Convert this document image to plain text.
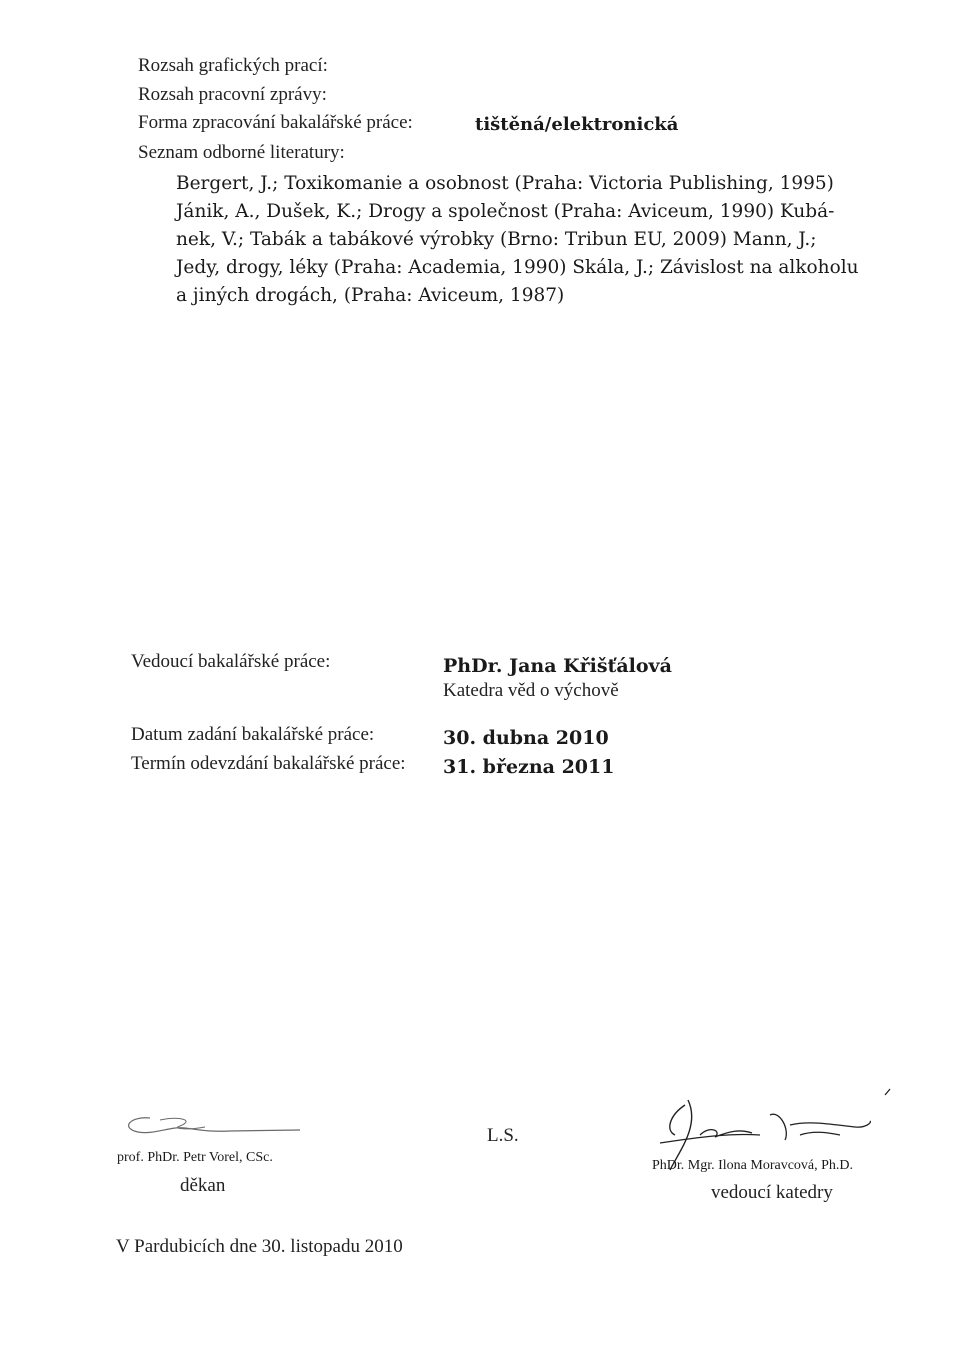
Rozsah grafických prací:
Rozsah pracovní zprávy:
Forma zpracování bakalářské práce:	tištěná/elektronická
Seznam odborné literatury:
Bergert, J.; Toxikomanie a osobnost (Praha: Victoria Publishing, 1995)
Jánik, A., Dušek, K.; Drogy a společnost (Praha: Aviceum, 1990) Kubá-
nek, V.; Tabák a tabákové výrobky (Brno: Tribun EU, 2009) Mann, J.;
Jedy, drogy, léky (Praha: Academia, 1990) Skála, J.; Závislost na alkoholu
a jiných drogách, (Praha: Aviceum, 1987)
Vedoucí bakalářské práce:	PhDr. Jana Křišťálová
Katedra věd o výchově
Datum zadání bakalářské práce:	30. dubna 2010
Termín odevzdání bakalářské práce: 31. března 2011
prof. PhDr. Petr Vorel, CSc.
děkan
L.S.
PhDr. Mgr. Ilona Moravcová, Ph.D.
vedoucí katedry
V Pardubicích dne 30. listopadu 2010
